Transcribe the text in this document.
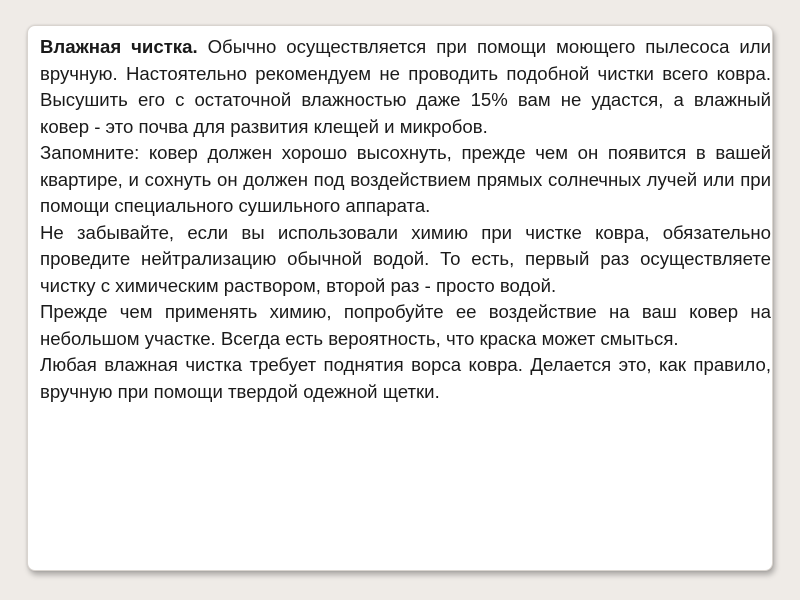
Влажная чистка. Обычно осуществляется при помощи моющего пылесоса или вручную. Настоятельно рекомендуем не проводить подобной чистки всего ковра. Высушить его с остаточной влажностью даже 15% вам не удастся, а влажный ковер - это почва для развития клещей и микробов.

Запомните: ковер должен хорошо высохнуть, прежде чем он появится в вашей квартире, и сохнуть он должен под воздействием прямых солнечных лучей или при помощи специального сушильного аппарата.

Не забывайте, если вы использовали химию при чистке ковра, обязательно проведите нейтрализацию обычной водой. То есть, первый раз осуществляете чистку с химическим раствором, второй раз - просто водой.

Прежде чем применять химию, попробуйте ее воздействие на ваш ковер на небольшом участке. Всегда есть вероятность, что краска может смыться.

Любая влажная чистка требует поднятия ворса ковра. Делается это, как правило, вручную при помощи твердой одежной щетки.
